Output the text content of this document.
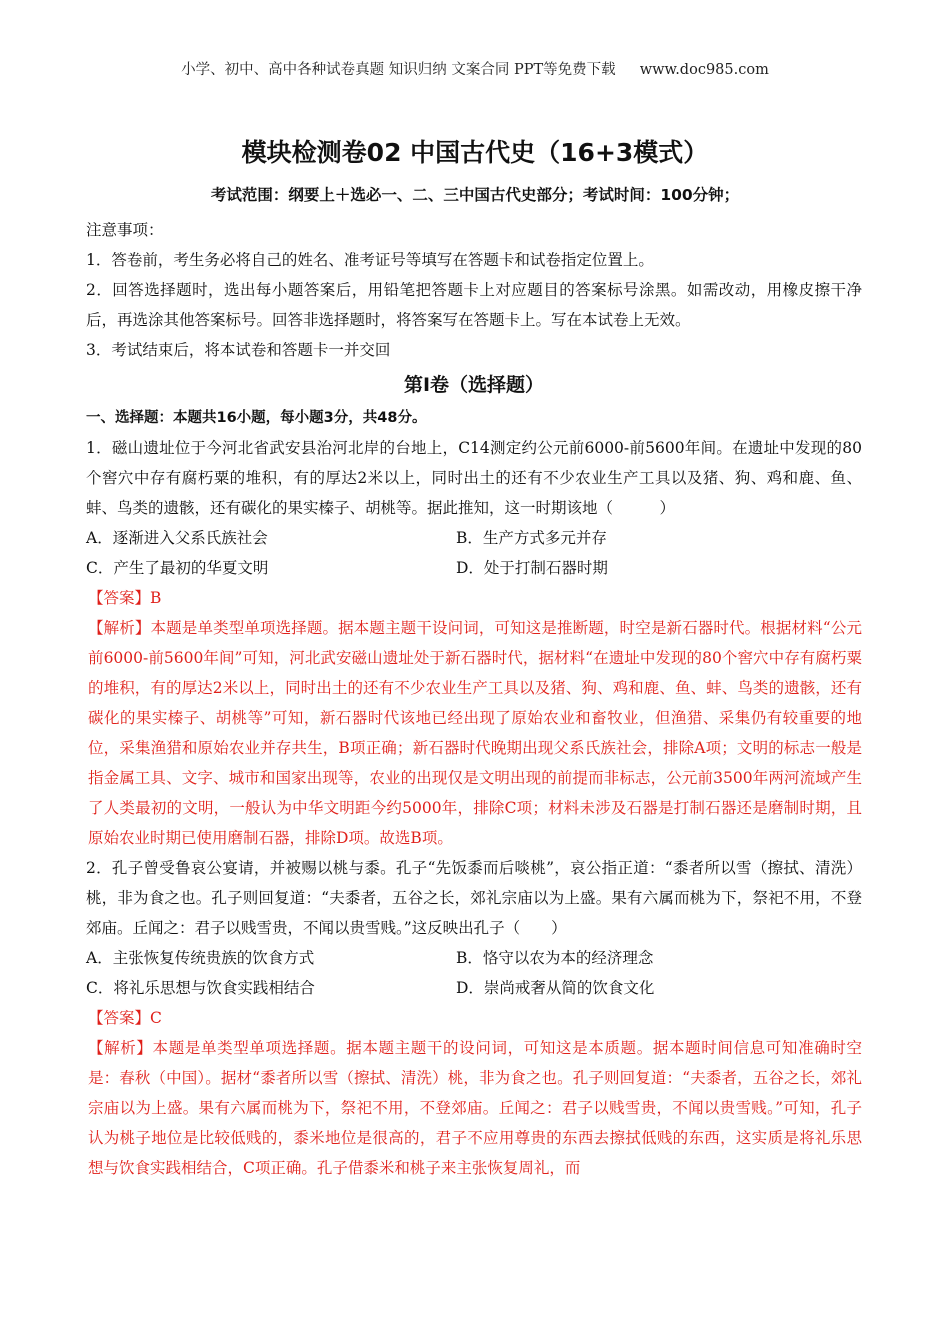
小学、初中、高中各种试卷真题 知识归纳 文案合同 PPT等免费下载 www.doc985.com
模块检测卷02 中国古代史（16+3模式）
考试范围：纲要上＋选必一、二、三中国古代史部分；考试时间：100分钟；
注意事项：
1．答卷前，考生务必将自己的姓名、准考证号等填写在答题卡和试卷指定位置上。
2．回答选择题时，选出每小题答案后，用铅笔把答题卡上对应题目的答案标号涂黑。如需改动，用橡皮擦干净后，再选涂其他答案标号。回答非选择题时，将答案写在答题卡上。写在本试卷上无效。
3．考试结束后，将本试卷和答题卡一并交回
第I卷（选择题）
一、选择题：本题共16小题，每小题3分，共48分。
1．磁山遗址位于今河北省武安县治河北岸的台地上，C14测定约公元前6000-前5600年间。在遗址中发现的80个窖穴中存有腐朽粟的堆积，有的厚达2米以上，同时出土的还有不少农业生产工具以及猪、狗、鸡和鹿、鱼、蚌、鸟类的遗骸，还有碳化的果实榛子、胡桃等。据此推知，这一时期该地（　　　）
A．逐渐进入父系氏族社会	B．生产方式多元并存
C．产生了最初的华夏文明	D．处于打制石器时期
【答案】B
【解析】本题是单类型单项选择题。据本题主题干设问词，可知这是推断题，时空是新石器时代。根据材料“公元前6000-前5600年间”可知，河北武安磁山遗址处于新石器时代，据材料“在遗址中发现的80个窖穴中存有腐朽粟的堆积，有的厚达2米以上，同时出土的还有不少农业生产工具以及猪、狗、鸡和鹿、鱼、蚌、鸟类的遗骸，还有碳化的果实榛子、胡桃等”可知，新石器时代该地已经出现了原始农业和畜牧业，但渔猎、采集仍有较重要的地位，采集渔猎和原始农业并存共生，B项正确；新石器时代晚期出现父系氏族社会，排除A项；文明的标志一般是指金属工具、文字、城市和国家出现等，农业的出现仅是文明出现的前提而非标志，公元前3500年两河流域产生了人类最初的文明，一般认为中华文明距今约5000年，排除C项；材料未涉及石器是打制石器还是磨制时期，且原始农业时期已使用磨制石器，排除D项。故选B项。
2．孔子曾受鲁哀公宴请，并被赐以桃与黍。孔子“先饭黍而后啖桃”，哀公指正道：“黍者所以雪（擦拭、清洗）桃，非为食之也。孔子则回复道：“夫黍者，五谷之长，郊礼宗庙以为上盛。果有六属而桃为下，祭祀不用，不登郊庙。丘闻之：君子以贱雪贵，不闻以贵雪贱。”这反映出孔子（　　）
A．主张恢复传统贵族的饮食方式	B．恪守以农为本的经济理念
C．将礼乐思想与饮食实践相结合	D．崇尚戒奢从简的饮食文化
【答案】C
【解析】本题是单类型单项选择题。据本题主题干的设问词，可知这是本质题。据本题时间信息可知准确时空是：春秋（中国）。据材“黍者所以雪（擦拭、清洗）桃，非为食之也。孔子则回复道：“夫黍者，五谷之长，郊礼宗庙以为上盛。果有六属而桃为下，祭祀不用，不登郊庙。丘闻之：君子以贱雪贵，不闻以贵雪贱。”可知，孔子认为桃子地位是比较低贱的，黍米地位是很高的，君子不应用尊贵的东西去擦拭低贱的东西，这实质是将礼乐思想与饮食实践相结合，C项正确。孔子借黍米和桃子来主张恢复周礼，而
